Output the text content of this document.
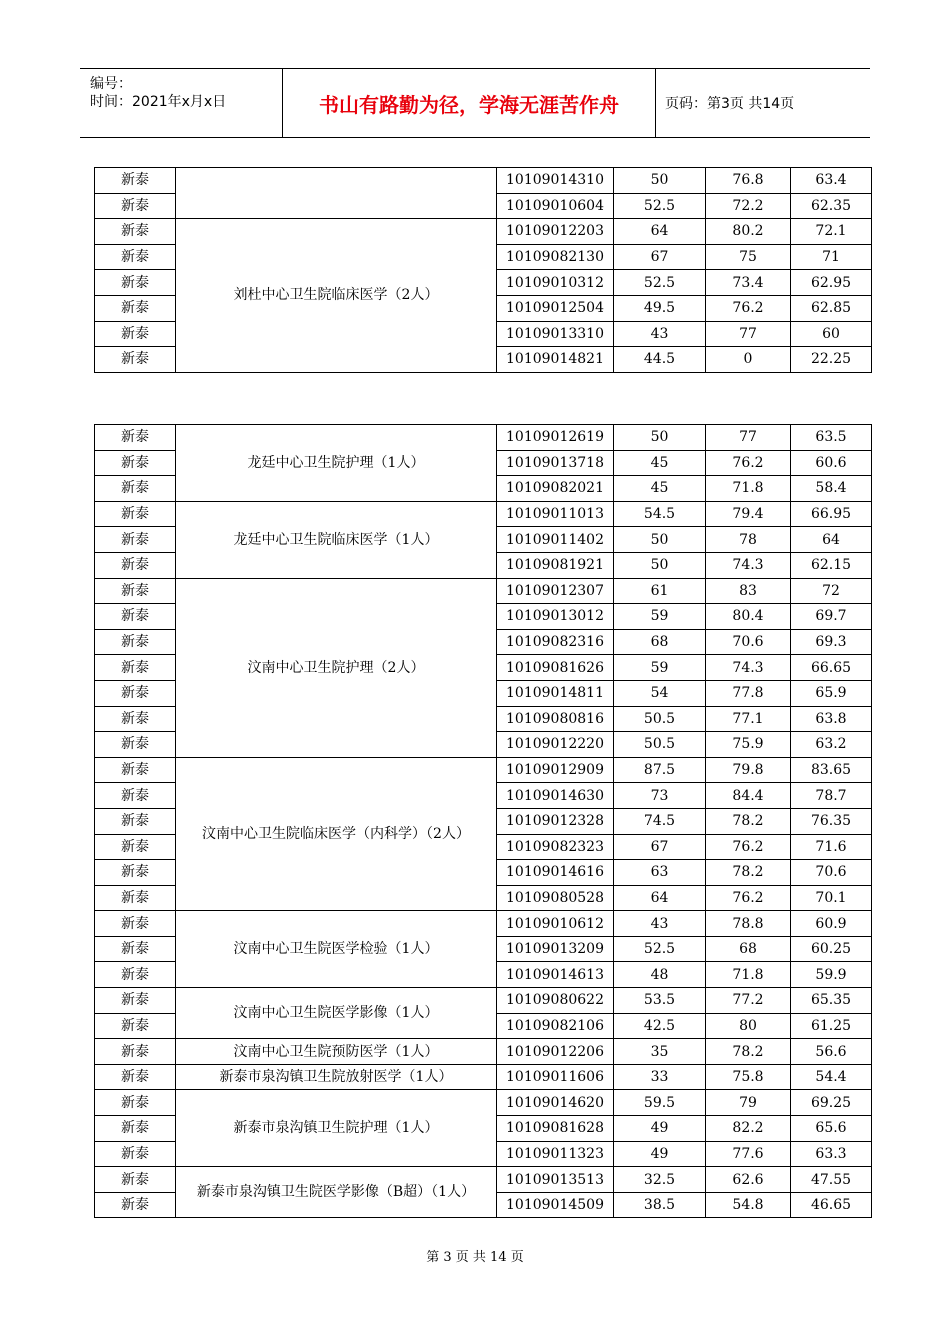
编号：
时间：2021年x月x日	书山有路勤为径，学海无涯苦作舟	页码：第3页 共14页
新泰		10109014310	50	76.8	63.4
新泰		10109010604	52.5	72.2	62.35
新泰	刘杜中心卫生院临床医学（2人）	10109012203	64	80.2	72.1
新泰		10109082130	67	75	71
新泰		10109010312	52.5	73.4	62.95
新泰		10109012504	49.5	76.2	62.85
新泰		10109013310	43	77	60
新泰		10109014821	44.5	0	22.25
新泰	龙廷中心卫生院护理（1人）	10109012619	50	77	63.5
新泰		10109013718	45	76.2	60.6
新泰		10109082021	45	71.8	58.4
新泰	龙廷中心卫生院临床医学（1人）	10109011013	54.5	79.4	66.95
新泰		10109011402	50	78	64
新泰		10109081921	50	74.3	62.15
新泰	汶南中心卫生院护理（2人）	10109012307	61	83	72
新泰		10109013012	59	80.4	69.7
新泰		10109082316	68	70.6	69.3
新泰		10109081626	59	74.3	66.65
新泰		10109014811	54	77.8	65.9
新泰		10109080816	50.5	77.1	63.8
新泰		10109012220	50.5	75.9	63.2
新泰	汶南中心卫生院临床医学（内科学）（2人）	10109012909	87.5	79.8	83.65
新泰		10109014630	73	84.4	78.7
新泰		10109012328	74.5	78.2	76.35
新泰		10109082323	67	76.2	71.6
新泰		10109014616	63	78.2	70.6
新泰		10109080528	64	76.2	70.1
新泰	汶南中心卫生院医学检验（1人）	10109010612	43	78.8	60.9
新泰		10109013209	52.5	68	60.25
新泰		10109014613	48	71.8	59.9
新泰	汶南中心卫生院医学影像（1人）	10109080622	53.5	77.2	65.35
新泰		10109082106	42.5	80	61.25
新泰	汶南中心卫生院预防医学（1人）	10109012206	35	78.2	56.6
新泰	新泰市泉沟镇卫生院放射医学（1人）	10109011606	33	75.8	54.4
新泰	新泰市泉沟镇卫生院护理（1人）	10109014620	59.5	79	69.25
新泰		10109081628	49	82.2	65.6
新泰		10109011323	49	77.6	63.3
新泰	新泰市泉沟镇卫生院医学影像（B超）（1人）	10109013513	32.5	62.6	47.55
新泰		10109014509	38.5	54.8	46.65
第 3 页 共 14 页
